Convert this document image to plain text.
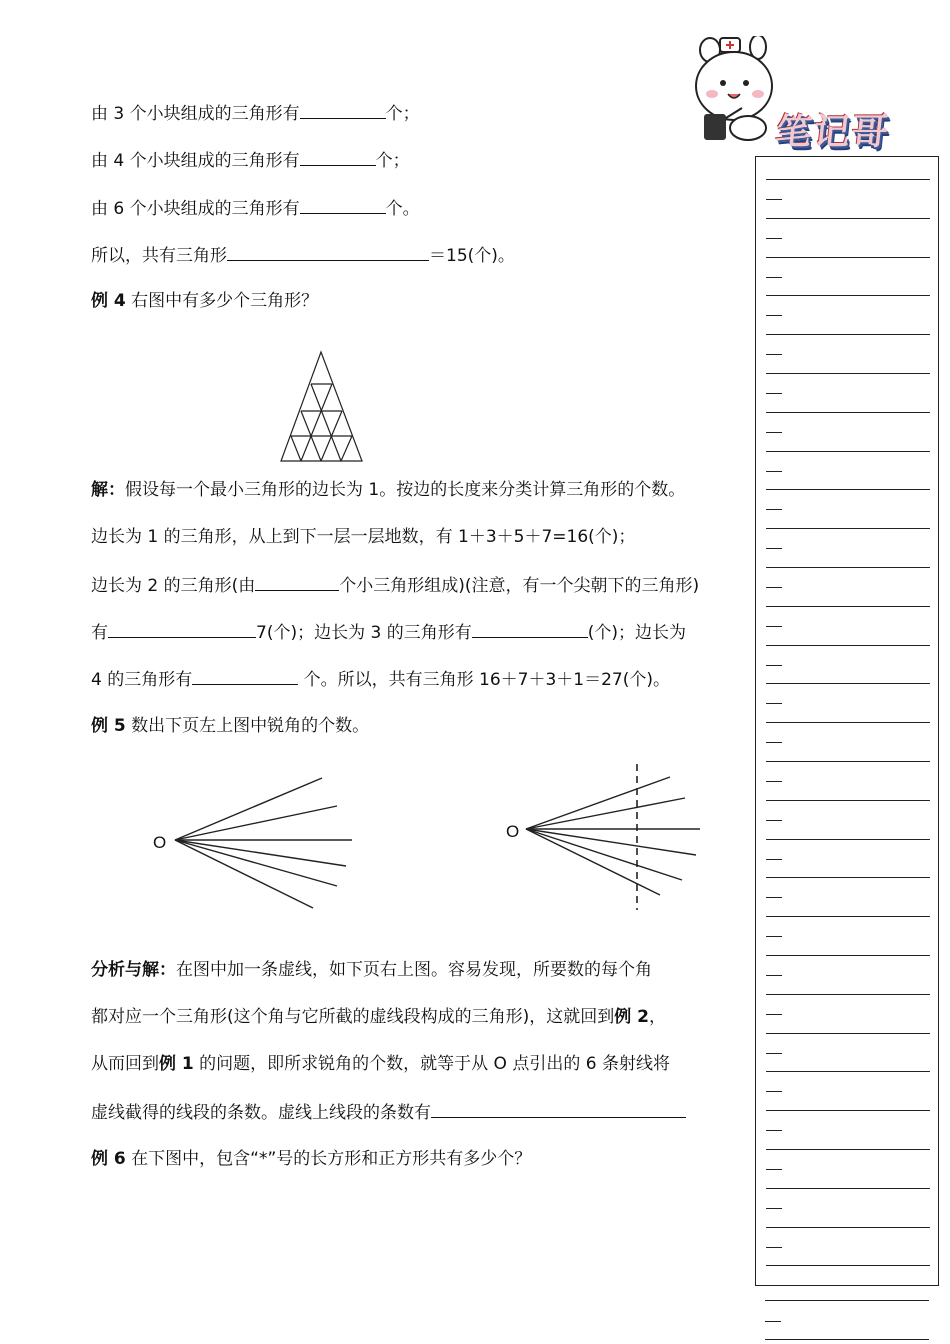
由 3 个小块组成的三角形有	个；
由 4 个小块组成的三角形有	个；
由 6 个小块组成的三角形有	个。
所以，共有三角形	＝15(个)。
例 4 右图中有多少个三角形？
解：假设每一个最小三角形的边长为 1。按边的长度来分类计算三角形的个数。
边长为 1 的三角形，从上到下一层一层地数，有 1＋3＋5＋7=16(个)；
边长为 2 的三角形(由	个小三角形组成)(注意，有一个尖朝下的三角形)
有	7(个)；边长为 3 的三角形有	(个)；边长为
4 的三角形有	个。所以，共有三角形 16＋7＋3＋1＝27(个)。
例 5 数出下页左上图中锐角的个数。
O
O
分析与解：在图中加一条虚线，如下页右上图。容易发现，所要数的每个角
都对应一个三角形(这个角与它所截的虚线段构成的三角形)，这就回到例 2，
从而回到例 1 的问题，即所求锐角的个数，就等于从 O 点引出的 6 条射线将
虚线截得的线段的条数。虚线上线段的条数有
例 6 在下图中，包含“*”号的长方形和正方形共有多少个？
笔记哥
